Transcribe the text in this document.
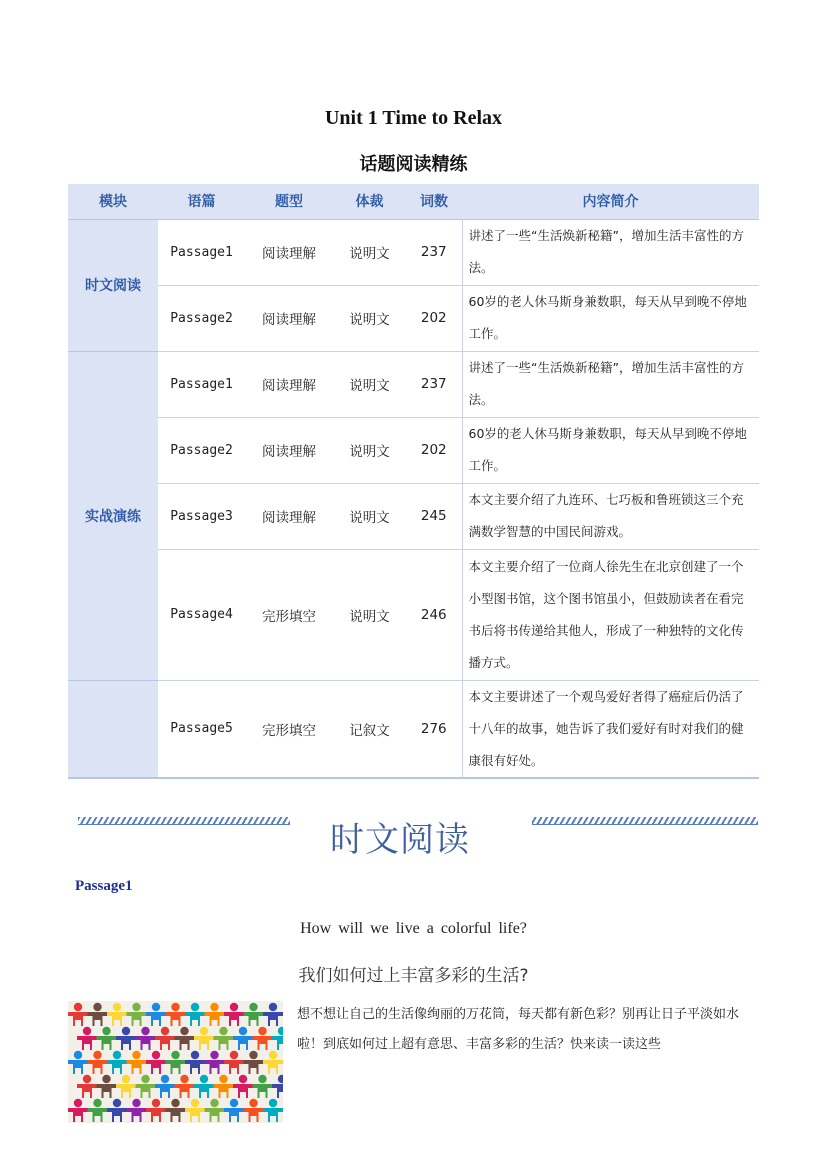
Unit 1 Time to Relax
话题阅读精练
模块	语篇	题型	体裁	词数	内容简介
时文阅读	Passage1	阅读理解	说明文	237	讲述了一些“生活焕新秘籍”，增加生活丰富性的方法。
	Passage2	阅读理解	说明文	202	60岁的老人休马斯身兼数职，每天从早到晚不停地工作。
实战演练	Passage1	阅读理解	说明文	237	讲述了一些“生活焕新秘籍”，增加生活丰富性的方法。
	Passage2	阅读理解	说明文	202	60岁的老人休马斯身兼数职，每天从早到晚不停地工作。
	Passage3	阅读理解	说明文	245	本文主要介绍了九连环、七巧板和鲁班锁这三个充满数学智慧的中国民间游戏。
	Passage4	完形填空	说明文	246	本文主要介绍了一位商人徐先生在北京创建了一个小型图书馆，这个图书馆虽小，但鼓励读者在看完书后将书传递给其他人，形成了一种独特的文化传播方式。
	Passage5	完形填空	记叙文	276	本文主要讲述了一个观鸟爱好者得了癌症后仍活了十八年的故事，她告诉了我们爱好有时对我们的健康很有好处。
时文阅读
Passage1
How will we live a colorful life?
我们如何过上丰富多彩的生活?
想不想让自己的生活像绚丽的万花筒，每天都有新色彩？别再让日子平淡如水啦！到底如何过上超有意思、丰富多彩的生活？快来读一读这些
